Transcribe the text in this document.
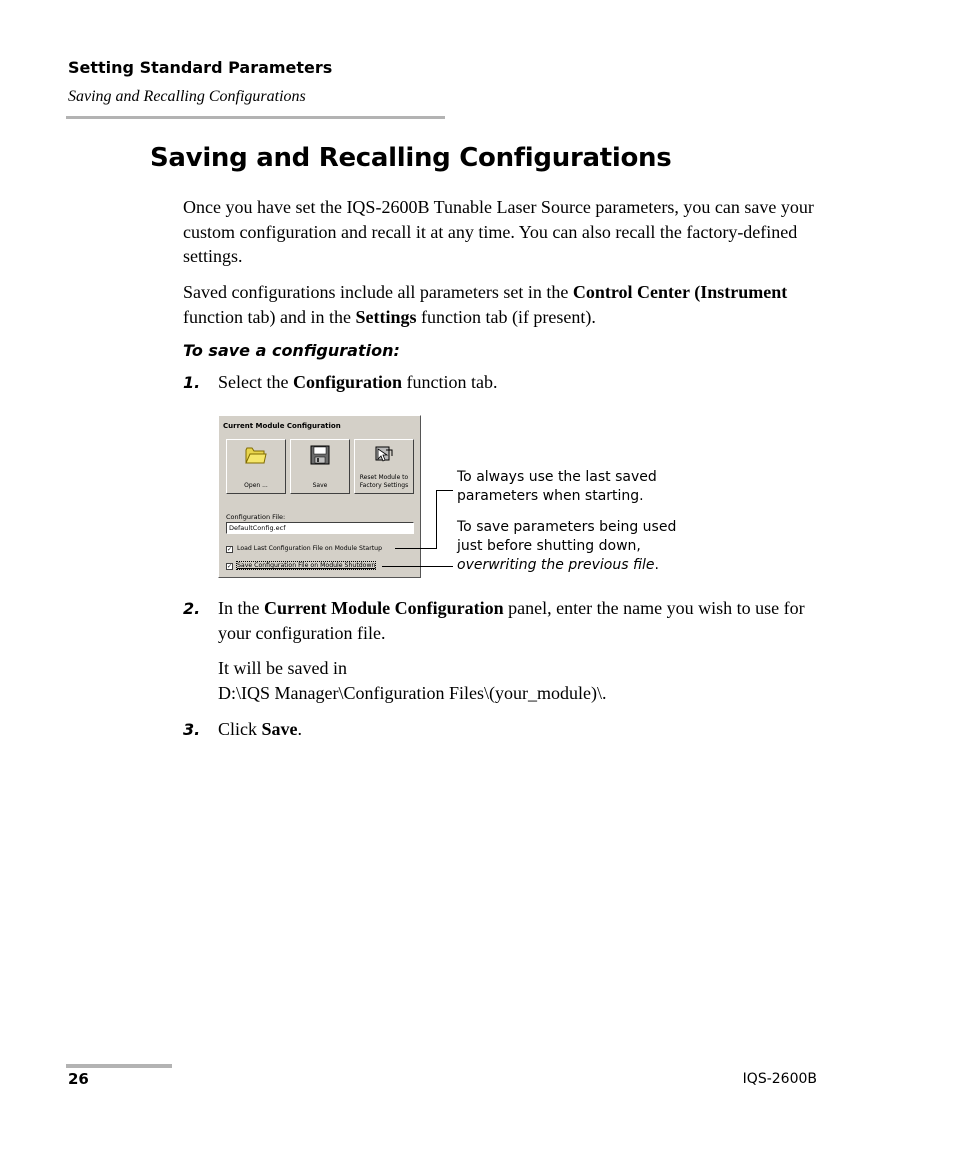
Setting Standard Parameters
Saving and Recalling Configurations
Saving and Recalling Configurations
Once you have set the IQS-2600B Tunable Laser Source parameters, you can save your custom configuration and recall it at any time. You can also recall the factory-defined settings.
Saved configurations include all parameters set in the Control Center (Instrument function tab) and in the Settings function tab (if present).
To save a configuration:
1. Select the Configuration function tab.
Current Module Configuration
Open ...	Save
Reset Module to Factory Settings
Configuration File:
DefaultConfig.ecf
✓ Load Last Configuration File on Module Startup
✓ Save Configuration File on Module Shutdown
To always use the last saved
parameters when starting.
To save parameters being used
just before shutting down,
overwriting the previous file.
2. In the Current Module Configuration panel, enter the name you wish to use for your configuration file.
It will be saved in
D:\IQS Manager\Configuration Files\(your_module)\.
3. Click Save.
26	IQS-2600B
